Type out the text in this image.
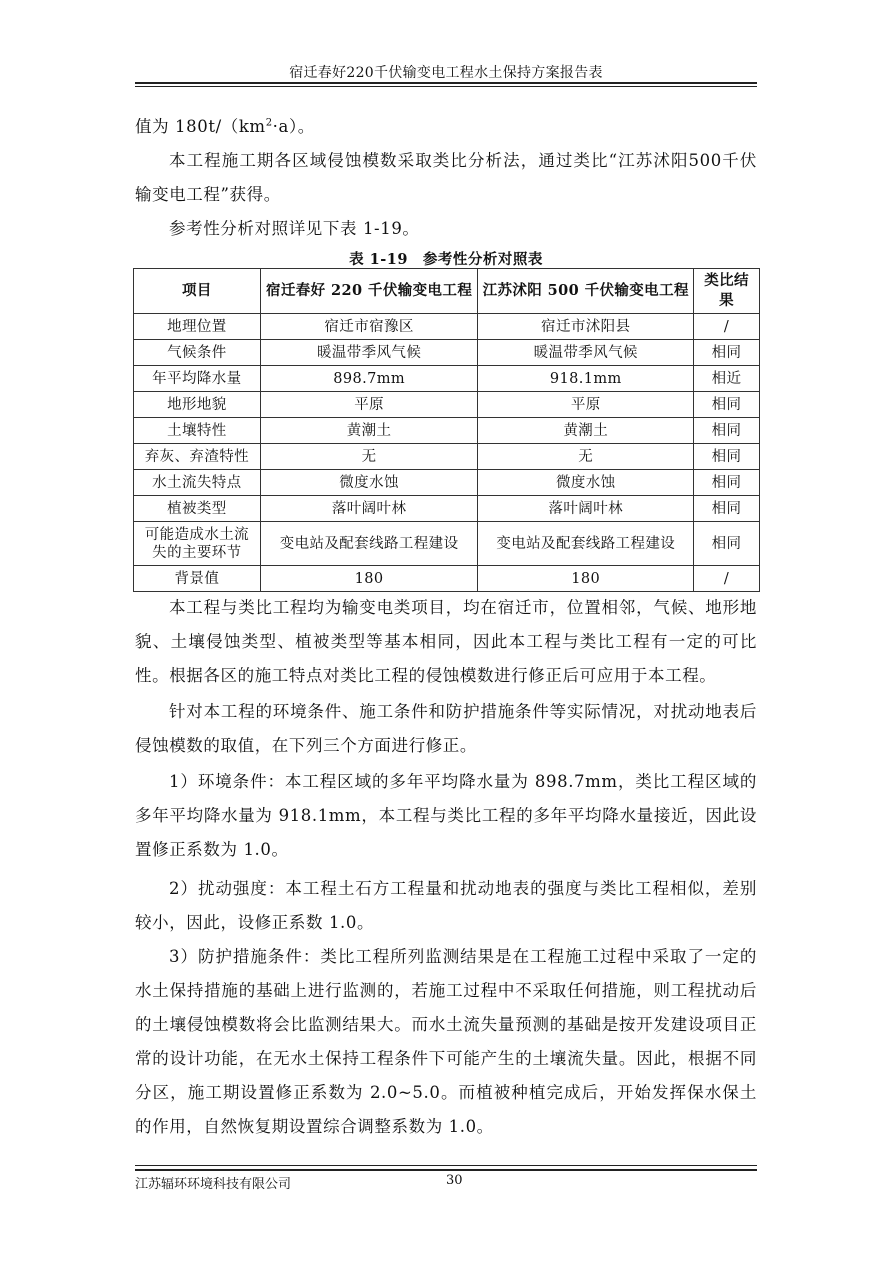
宿迁春好220千伏输变电工程水土保持方案报告表

值为 $180t/(km^2\cdot a)$。

本工程施工期各区域侵蚀模数采取类比分析法，通过类比“江苏沭阳500千伏输变电工程”获得。

参考性分析对照详见下表 1-19。

表 1-19　参考性分析对照表
项目	宿迁春好 220 千伏输变电工程	江苏沭阳 500 千伏输变电工程	类比结果
地理位置	宿迁市宿豫区	宿迁市沭阳县	/
气候条件	暖温带季风气候	暖温带季风气候	相同
年平均降水量	898.7mm	918.1mm	相近
地形地貌	平原	平原	相同
土壤特性	黄潮土	黄潮土	相同
弃灰、弃渣特性	无	无	相同
水土流失特点	微度水蚀	微度水蚀	相同
植被类型	落叶阔叶林	落叶阔叶林	相同
可能造成水土流失的主要环节	变电站及配套线路工程建设	变电站及配套线路工程建设	相同
背景值	180	180	/

本工程与类比工程均为输变电类项目，均在宿迁市，位置相邻，气候、地形地貌、土壤侵蚀类型、植被类型等基本相同，因此本工程与类比工程有一定的可比性。根据各区的施工特点对类比工程的侵蚀模数进行修正后可应用于本工程。

针对本工程的环境条件、施工条件和防护措施条件等实际情况，对扰动地表后侵蚀模数的取值，在下列三个方面进行修正。

1）环境条件：本工程区域的多年平均降水量为 898.7mm，类比工程区域的多年平均降水量为 918.1mm，本工程与类比工程的多年平均降水量接近，因此设置修正系数为 1.0。

2）扰动强度：本工程土石方工程量和扰动地表的强度与类比工程相似，差别较小，因此，设修正系数 1.0。

3）防护措施条件：类比工程所列监测结果是在工程施工过程中采取了一定的水土保持措施的基础上进行监测的，若施工过程中不采取任何措施，则工程扰动后的土壤侵蚀模数将会比监测结果大。而水土流失量预测的基础是按开发建设项目正常的设计功能，在无水土保持工程条件下可能产生的土壤流失量。因此，根据不同分区，施工期设置修正系数为 2.0~5.0。而植被种植完成后，开始发挥保水保土的作用，自然恢复期设置综合调整系数为 1.0。

江苏辐环环境科技有限公司	30
